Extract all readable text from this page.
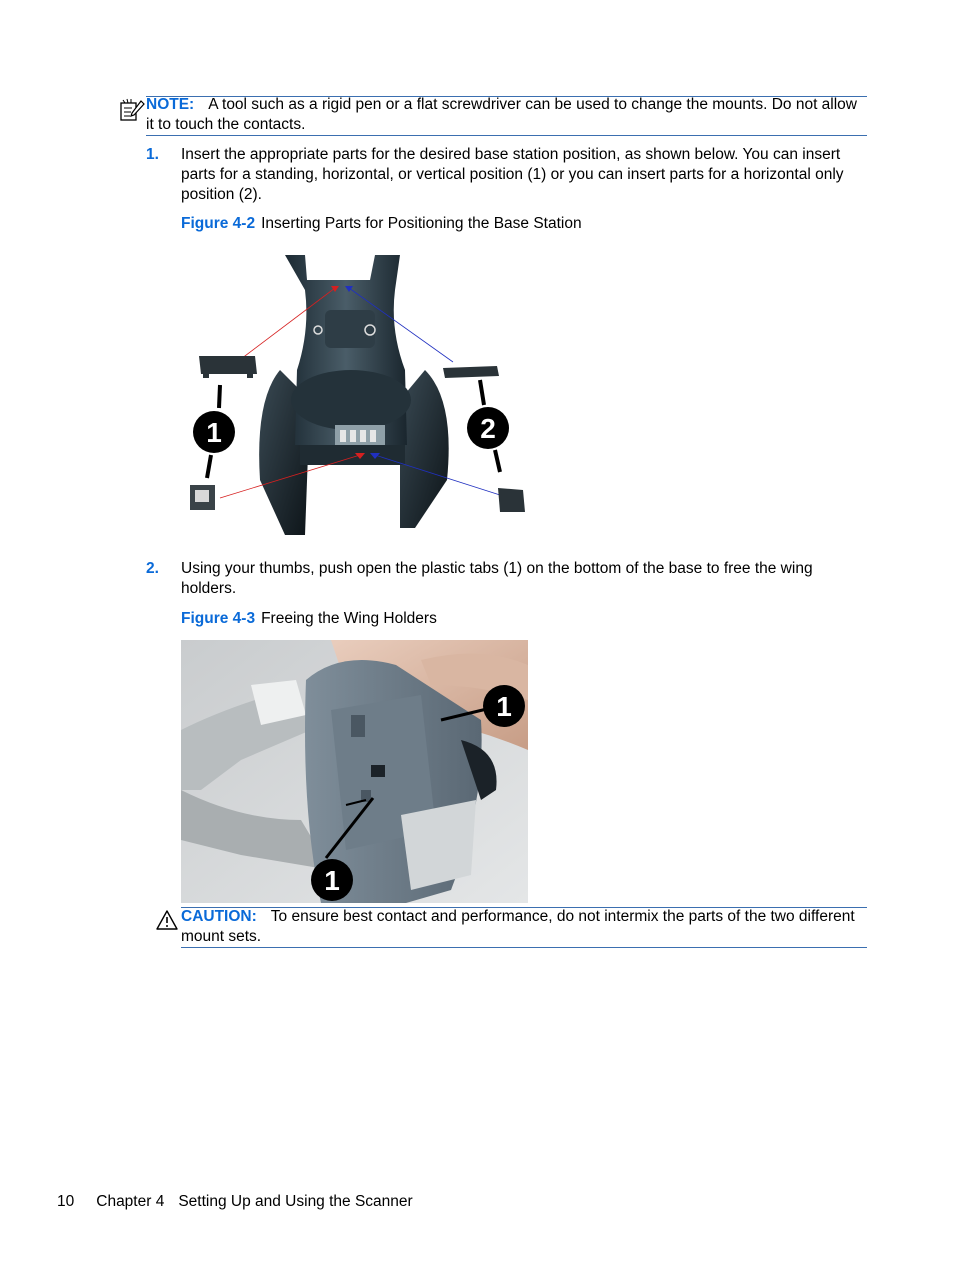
NOTE: A tool such as a rigid pen or a flat screwdriver can be used to change the mounts. Do not allow it to touch the contacts.
1. Insert the appropriate parts for the desired base station position, as shown below. You can insert parts for a standing, horizontal, or vertical position (1) or you can insert parts for a horizontal only position (2).
Figure 4-2 Inserting Parts for Positioning the Base Station
1	2
2. Using your thumbs, push open the plastic tabs (1) on the bottom of the base to free the wing holders.
Figure 4-3 Freeing the Wing Holders
1
1
CAUTION: To ensure best contact and performance, do not intermix the parts of the two different mount sets.
10 Chapter 4 Setting Up and Using the Scanner
